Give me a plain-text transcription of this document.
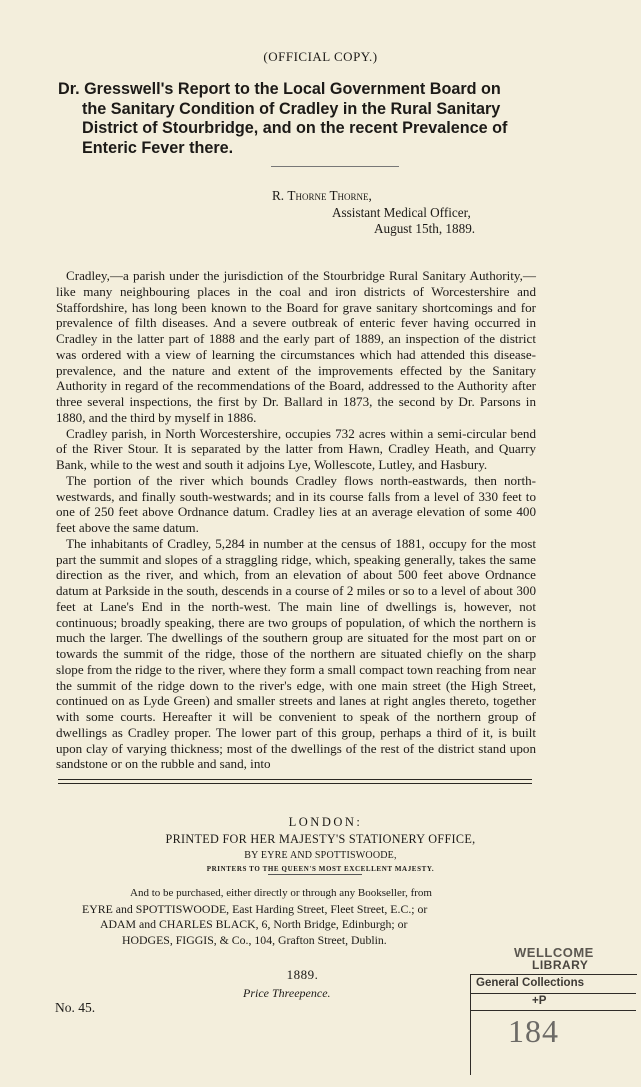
(OFFICIAL COPY.)
Dr. Gresswell's Report to the Local Government Board on
the Sanitary Condition of Cradley in the Rural Sanitary
District of Stourbridge, and on the recent Prevalence of
Enteric Fever there.
R. Thorne Thorne,
Assistant Medical Officer,
August 15th, 1889.

Cradley,—a parish under the jurisdiction of the Stourbridge Rural Sanitary Authority,—like many neighbouring places in the coal and iron districts of Worcestershire and Staffordshire, has long been known to the Board for grave sanitary shortcomings and for prevalence of filth diseases. And a severe outbreak of enteric fever having occurred in Cradley in the latter part of 1888 and the early part of 1889, an inspection of the district was ordered with a view of learning the circumstances which had attended this disease-prevalence, and the nature and extent of the improvements effected by the Sanitary Authority in regard of the recommendations of the Board, addressed to the Authority after three several inspections, the first by Dr. Ballard in 1873, the second by Dr. Parsons in 1880, and the third by myself in 1886.

Cradley parish, in North Worcestershire, occupies 732 acres within a semi-circular bend of the River Stour. It is separated by the latter from Hawn, Cradley Heath, and Quarry Bank, while to the west and south it adjoins Lye, Wollescote, Lutley, and Hasbury.

The portion of the river which bounds Cradley flows north-eastwards, then north-westwards, and finally south-westwards; and in its course falls from a level of 330 feet to one of 250 feet above Ordnance datum. Cradley lies at an average elevation of some 400 feet above the same datum.

The inhabitants of Cradley, 5,284 in number at the census of 1881, occupy for the most part the summit and slopes of a straggling ridge, which, speaking generally, takes the same direction as the river, and which, from an elevation of about 500 feet above Ordnance datum at Parkside in the south, descends in a course of 2 miles or so to a level of about 300 feet at Lane's End in the north-west. The main line of dwellings is, however, not continuous; broadly speaking, there are two groups of population, of which the northern is much the larger. The dwellings of the southern group are situated for the most part on or towards the summit of the ridge, those of the northern are situated chiefly on the sharp slope from the ridge to the river, where they form a small compact town reaching from near the summit of the ridge down to the river's edge, with one main street (the High Street, continued on as Lyde Green) and smaller streets and lanes at right angles thereto, together with some courts. Hereafter it will be convenient to speak of the northern group of dwellings as Cradley proper. The lower part of this group, perhaps a third of it, is built upon clay of varying thickness; most of the dwellings of the rest of the district stand upon sandstone or on the rubble and sand, into

LONDON:
PRINTED FOR HER MAJESTY'S STATIONERY OFFICE,
BY EYRE AND SPOTTISWOODE,
PRINTERS TO THE QUEEN'S MOST EXCELLENT MAJESTY.
And to be purchased, either directly or through any Bookseller, from
EYRE and SPOTTISWOODE, East Harding Street, Fleet Street, E.C.; or
ADAM and CHARLES BLACK, 6, North Bridge, Edinburgh; or
HODGES, FIGGIS, & Co., 104, Grafton Street, Dublin.
1889.
Price Threepence.
No. 45.
WELLCOME
LIBRARY
General Collections
+P
184
